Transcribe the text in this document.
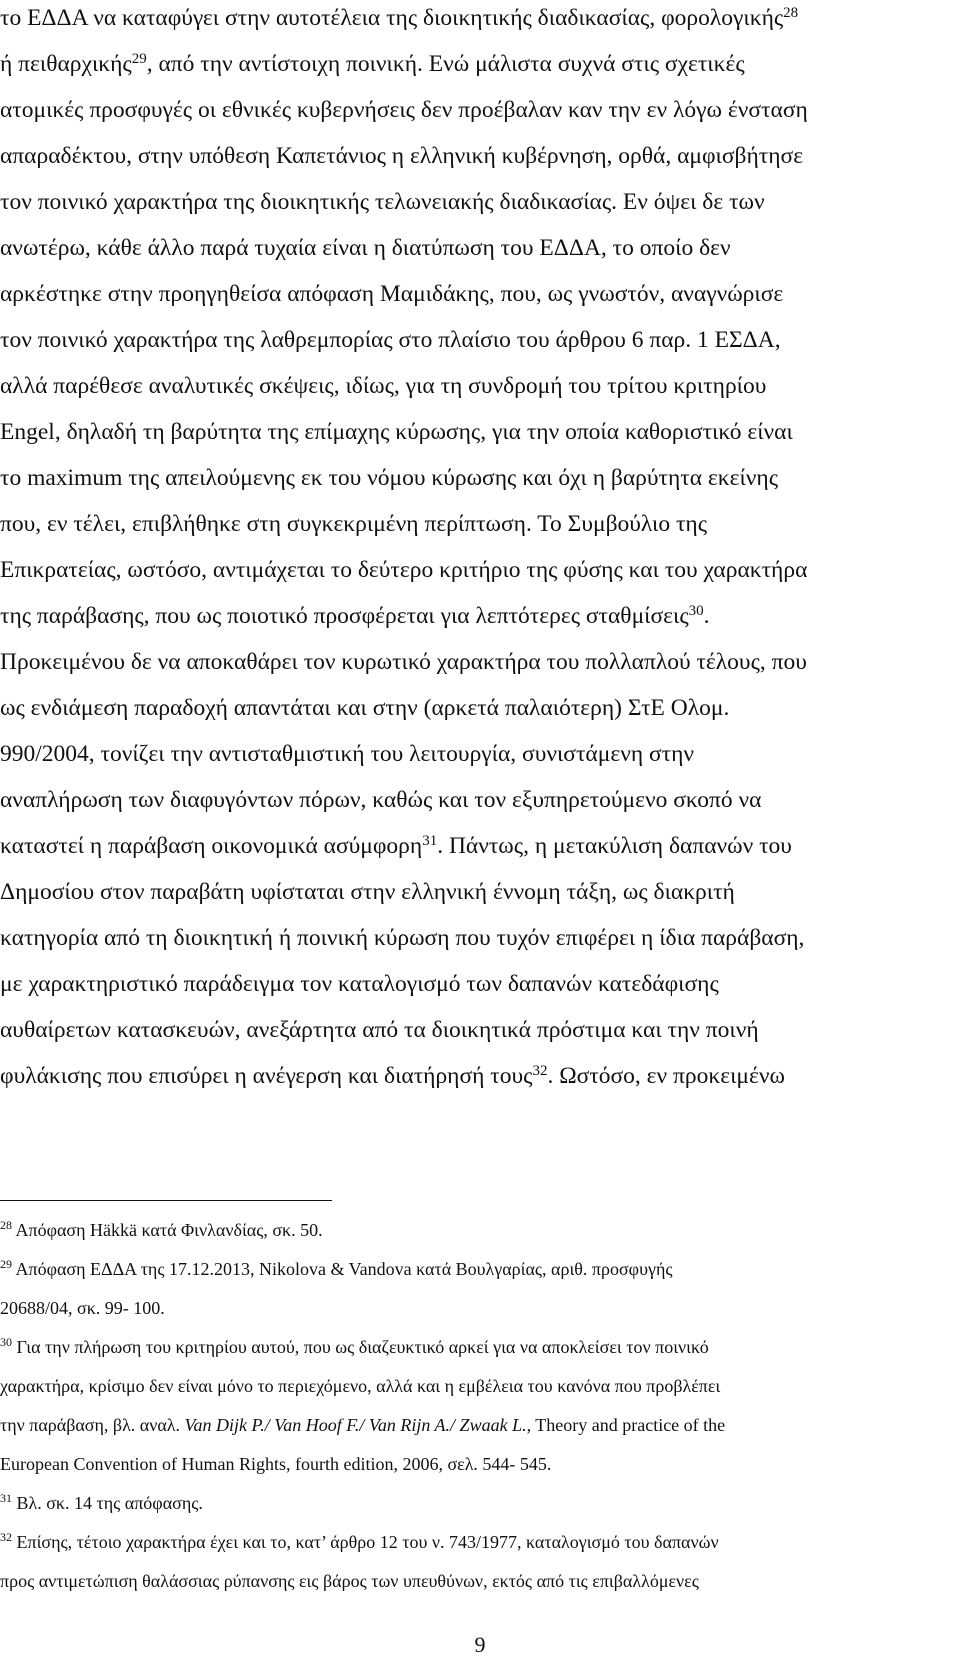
το ΕΔΔΑ να καταφύγει στην αυτοτέλεια της διοικητικής διαδικασίας, φορολογικής$^{28}$
ή πειθαρχικής$^{29}$, από την αντίστοιχη ποινική. Ενώ μάλιστα συχνά στις σχετικές
ατομικές προσφυγές οι εθνικές κυβερνήσεις δεν προέβαλαν καν την εν λόγω ένσταση
απαραδέκτου, στην υπόθεση Καπετάνιος η ελληνική κυβέρνηση, ορθά, αμφισβήτησε
τον ποινικό χαρακτήρα της διοικητικής τελωνειακής διαδικασίας. Εν όψει δε των
ανωτέρω, κάθε άλλο παρά τυχαία είναι η διατύπωση του ΕΔΔΑ, το οποίο δεν
αρκέστηκε στην προηγηθείσα απόφαση Μαμιδάκης, που, ως γνωστόν, αναγνώρισε
τον ποινικό χαρακτήρα της λαθρεμπορίας στο πλαίσιο του άρθρου 6 παρ. 1 ΕΣΔΑ,
αλλά παρέθεσε αναλυτικές σκέψεις, ιδίως, για τη συνδρομή του τρίτου κριτηρίου
Engel, δηλαδή τη βαρύτητα της επίμαχης κύρωσης, για την οποία καθοριστικό είναι
το maximum της απειλούμενης εκ του νόμου κύρωσης και όχι η βαρύτητα εκείνης
που, εν τέλει, επιβλήθηκε στη συγκεκριμένη περίπτωση. Το Συμβούλιο της
Επικρατείας, ωστόσο, αντιμάχεται το δεύτερο κριτήριο της φύσης και του χαρακτήρα
της παράβασης, που ως ποιοτικό προσφέρεται για λεπτότερες σταθμίσεις$^{30}$.
Προκειμένου δε να αποκαθάρει τον κυρωτικό χαρακτήρα του πολλαπλού τέλους, που
ως ενδιάμεση παραδοχή απαντάται και στην (αρκετά παλαιότερη) ΣτΕ Ολομ.
990/2004, τονίζει την αντισταθμιστική του λειτουργία, συνιστάμενη στην
αναπλήρωση των διαφυγόντων πόρων, καθώς και τον εξυπηρετούμενο σκοπό να
καταστεί η παράβαση οικονομικά ασύμφορη$^{31}$. Πάντως, η μετακύλιση δαπανών του
Δημοσίου στον παραβάτη υφίσταται στην ελληνική έννομη τάξη, ως διακριτή
κατηγορία από τη διοικητική ή ποινική κύρωση που τυχόν επιφέρει η ίδια παράβαση,
με χαρακτηριστικό παράδειγμα τον καταλογισμό των δαπανών κατεδάφισης
αυθαίρετων κατασκευών, ανεξάρτητα από τα διοικητικά πρόστιμα και την ποινή
φυλάκισης που επισύρει η ανέγερση και διατήρησή τους$^{32}$. Ωστόσο, εν προκειμένω
$^{28}$ Απόφαση Häkkä κατά Φινλανδίας, σκ. 50.
$^{29}$ Απόφαση ΕΔΔΑ της 17.12.2013, Nikolova & Vandova κατά Βουλγαρίας, αριθ. προσφυγής
20688/04, σκ. 99- 100.
$^{30}$ Για την πλήρωση του κριτηρίου αυτού, που ως διαζευκτικό αρκεί για να αποκλείσει τον ποινικό
χαρακτήρα, κρίσιμο δεν είναι μόνο το περιεχόμενο, αλλά και η εμβέλεια του κανόνα που προβλέπει
την παράβαση, βλ. αναλ. Van Dijk P./ Van Hoof F./ Van Rijn A./ Zwaak L., Theory and practice of the
European Convention of Human Rights, fourth edition, 2006, σελ. 544- 545.
$^{31}$ Βλ. σκ. 14 της απόφασης.
$^{32}$ Επίσης, τέτοιο χαρακτήρα έχει και το, κατ’ άρθρο 12 του ν. 743/1977, καταλογισμό του δαπανών
προς αντιμετώπιση θαλάσσιας ρύπανσης εις βάρος των υπευθύνων, εκτός από τις επιβαλλόμενες
9
